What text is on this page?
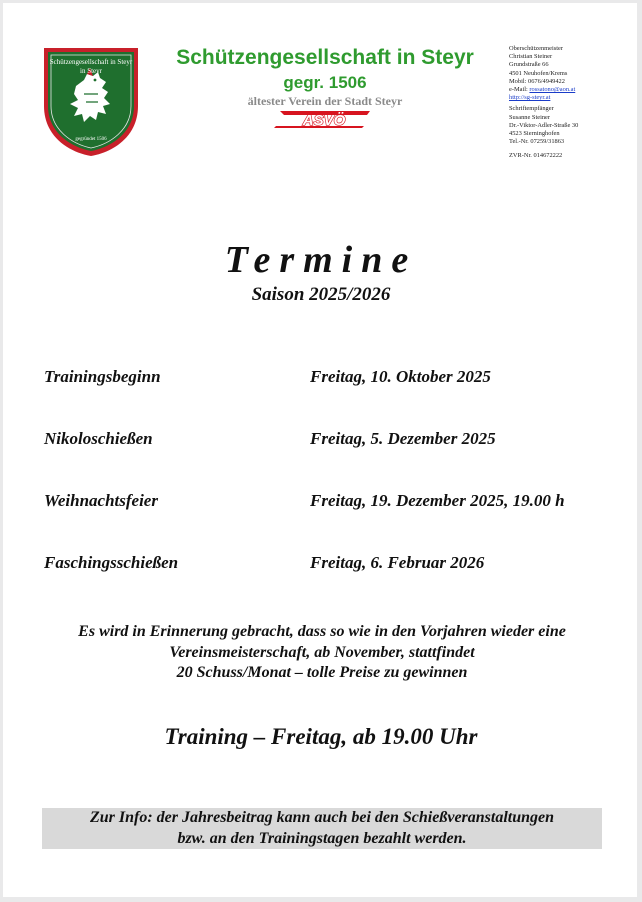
Schützengesellschaft in Steyr
in Steyr
gegründet 1506
Schützengesellschaft in Steyr
gegr. 1506
ältester Verein der Stadt Steyr
ASVÖ
Oberschützenmeister
Christian Steiner
Grundstraße 66
4501 Neuhofen/Krems
Mobil: 0676/4949422
e-Mail: rossatono@aon.at
http://sg-steyr.at
Schriftempfänger
Susanne Steiner
Dr.-Viktor-Adler-Straße 30
4523 Sierninghofen
Tel.-Nr. 07259/31863
ZVR-Nr. 014672222
Termine
Saison 2025/2026
Trainingsbeginn	Freitag, 10. Oktober 2025
Nikoloschießen	Freitag, 5. Dezember 2025
Weihnachtsfeier	Freitag, 19. Dezember 2025, 19.00 h
Faschingsschießen	Freitag, 6. Februar 2026
Es wird in Erinnerung gebracht, dass so wie in den Vorjahren wieder eine
Vereinsmeisterschaft, ab November, stattfindet
20 Schuss/Monat – tolle Preise zu gewinnen
Training – Freitag, ab 19.00 Uhr
Zur Info: der Jahresbeitrag kann auch bei den Schießveranstaltungen
bzw. an den Trainingstagen bezahlt werden.
